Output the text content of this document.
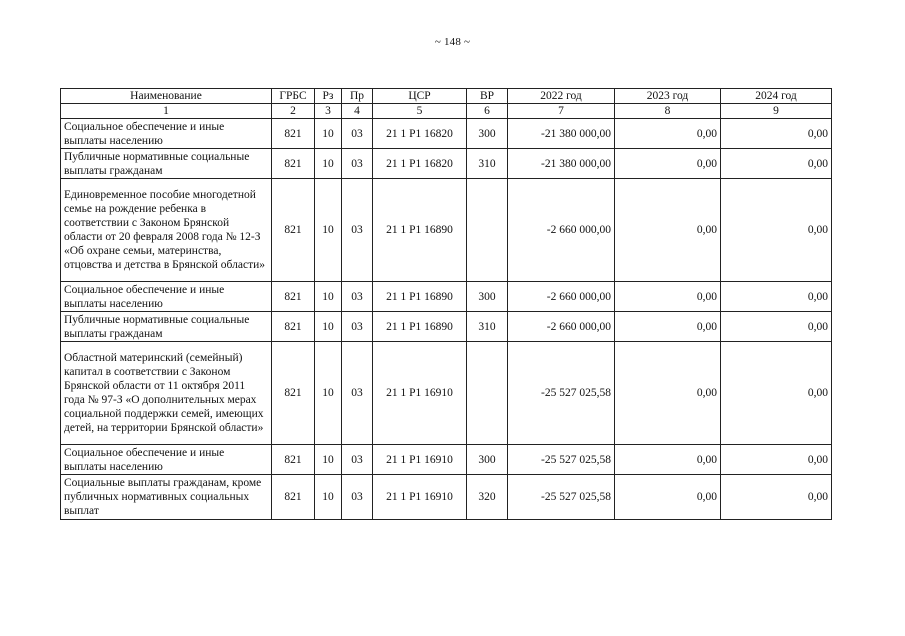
~ 148 ~
Наименование	ГРБС	Рз	Пр	ЦСР	ВР	2022 год	2023 год	2024 год
1	2	3	4	5	6	7	8	9
Социальное обеспечение и иные выплаты населению	821	10	03	21 1 P1 16820	300	-21 380 000,00	0,00	0,00
Публичные нормативные социальные выплаты гражданам	821	10	03	21 1 P1 16820	310	-21 380 000,00	0,00	0,00
Единовременное пособие многодетной семье на рождение ребенка в соответствии с Законом Брянской области от 20 февраля 2008 года № 12-З «Об охране семьи, материнства, отцовства и детства в Брянской области»	821	10	03	21 1 P1 16890		-2 660 000,00	0,00	0,00
Социальное обеспечение и иные выплаты населению	821	10	03	21 1 P1 16890	300	-2 660 000,00	0,00	0,00
Публичные нормативные социальные выплаты гражданам	821	10	03	21 1 P1 16890	310	-2 660 000,00	0,00	0,00
Областной материнский (семейный) капитал в соответствии с Законом Брянской области от 11 октября 2011 года № 97-З «О дополнительных мерах социальной поддержки семей, имеющих детей, на территории Брянской области»	821	10	03	21 1 P1 16910		-25 527 025,58	0,00	0,00
Социальное обеспечение и иные выплаты населению	821	10	03	21 1 P1 16910	300	-25 527 025,58	0,00	0,00
Социальные выплаты гражданам, кроме публичных нормативных социальных выплат	821	10	03	21 1 P1 16910	320	-25 527 025,58	0,00	0,00
